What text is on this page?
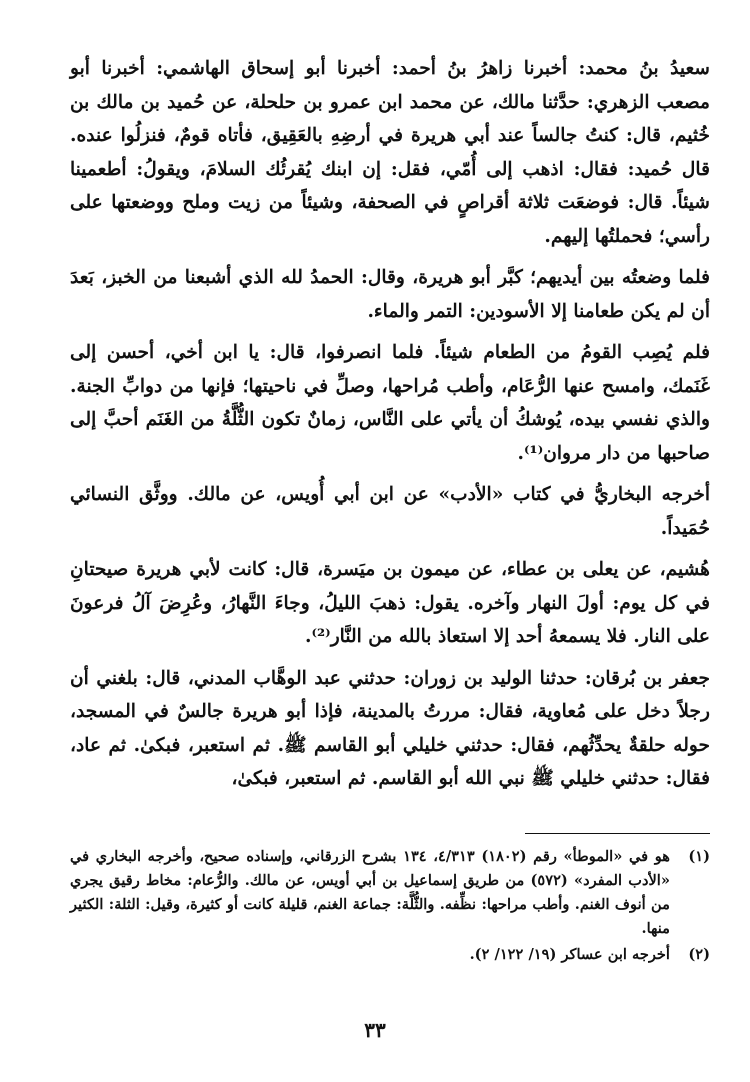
سعيدُ بنُ محمد: أخبرنا زاهرُ بنُ أحمد: أخبرنا أبو إسحاق الهاشمي: أخبرنا أبو مصعب الزهري: حدَّثنا مالك، عن محمد ابن عمرو بن حلحلة، عن حُميد بن مالك بن خُثيم، قال: كنتُ جالساً عند أبي هريرة في أرضِهِ بالعَقِيق، فأتاه قومٌ، فنزلُوا عنده. قال حُميد: فقال: اذهب إلى أُمّي، فقل: إن ابنك يُقرئُك السلامَ، ويقولُ: أطعمينا شيئاً. قال: فوضعَت ثلاثة أقراصٍ في الصحفة، وشيئاً من زيت وملح ووضعتها على رأسي؛ فحملتُها إليهم.

فلما وضعتُه بين أيديهم؛ كبَّر أبو هريرة، وقال: الحمدُ لله الذي أشبعنا من الخبز، بَعدَ أن لم يكن طعامنا إلا الأسودين: التمر والماء.

فلم يُصِب القومُ من الطعام شيئاً. فلما انصرفوا، قال: يا ابن أخي، أحسن إلى غَنَمك، وامسح عنها الرُّعَام، وأطب مُراحها، وصلِّ في ناحيتها؛ فإنها من دوابِّ الجنة. والذي نفسي بيده، يُوشكُ أن يأتي على النَّاس، زمانٌ تكون الثُّلَّةُ من الغَنَم أحبَّ إلى صاحبها من دار مروان⁽¹⁾.

أخرجه البخاريُّ في كتاب «الأدب» عن ابن أبي أُويس، عن مالك. ووثَّق النسائي حُمَيداً.

هُشيم، عن يعلى بن عطاء، عن ميمون بن ميَسرة، قال: كانت لأبي هريرة صيحتانِ في كل يوم: أولَ النهار وآخره. يقول: ذهبَ الليلُ، وجاءَ النَّهارُ، وعُرِضَ آلُ فرعونَ على النار. فلا يسمعهُ أحد إلا استعاذ بالله من النَّار⁽²⁾.

جعفر بن بُرقان: حدثنا الوليد بن زوران: حدثني عبد الوهَّاب المدني، قال: بلغني أن رجلاً دخل على مُعاوية، فقال: مررتُ بالمدينة، فإذا أبو هريرة جالسٌ في المسجد، حوله حلقةٌ يحدِّثُهم، فقال: حدثني خليلي أبو القاسم ﷺ. ثم استعبر، فبكىٰ. ثم عاد، فقال: حدثني خليلي ﷺ نبي الله أبو القاسم. ثم استعبر، فبكىٰ،

(١)
هو في «الموطأ» رقم (١٨٠٢) ٤/٣١٣، ١٣٤ بشرح الزرقاني، وإسناده صحيح، وأخرجه البخاري في «الأدب المفرد» (٥٧٢) من طريق إسماعيل بن أبي أويس، عن مالك. والرُّعام: مخاط رقيق يجري من أنوف الغنم. وأطب مراحها: نظِّفه. والثُّلَّة: جماعة الغنم، قليلة كانت أو كثيرة، وقيل: الثلة: الكثير منها.
(٢)
أخرجه ابن عساكر (١٩/ ١٢٢/ ٢).
٣٣
